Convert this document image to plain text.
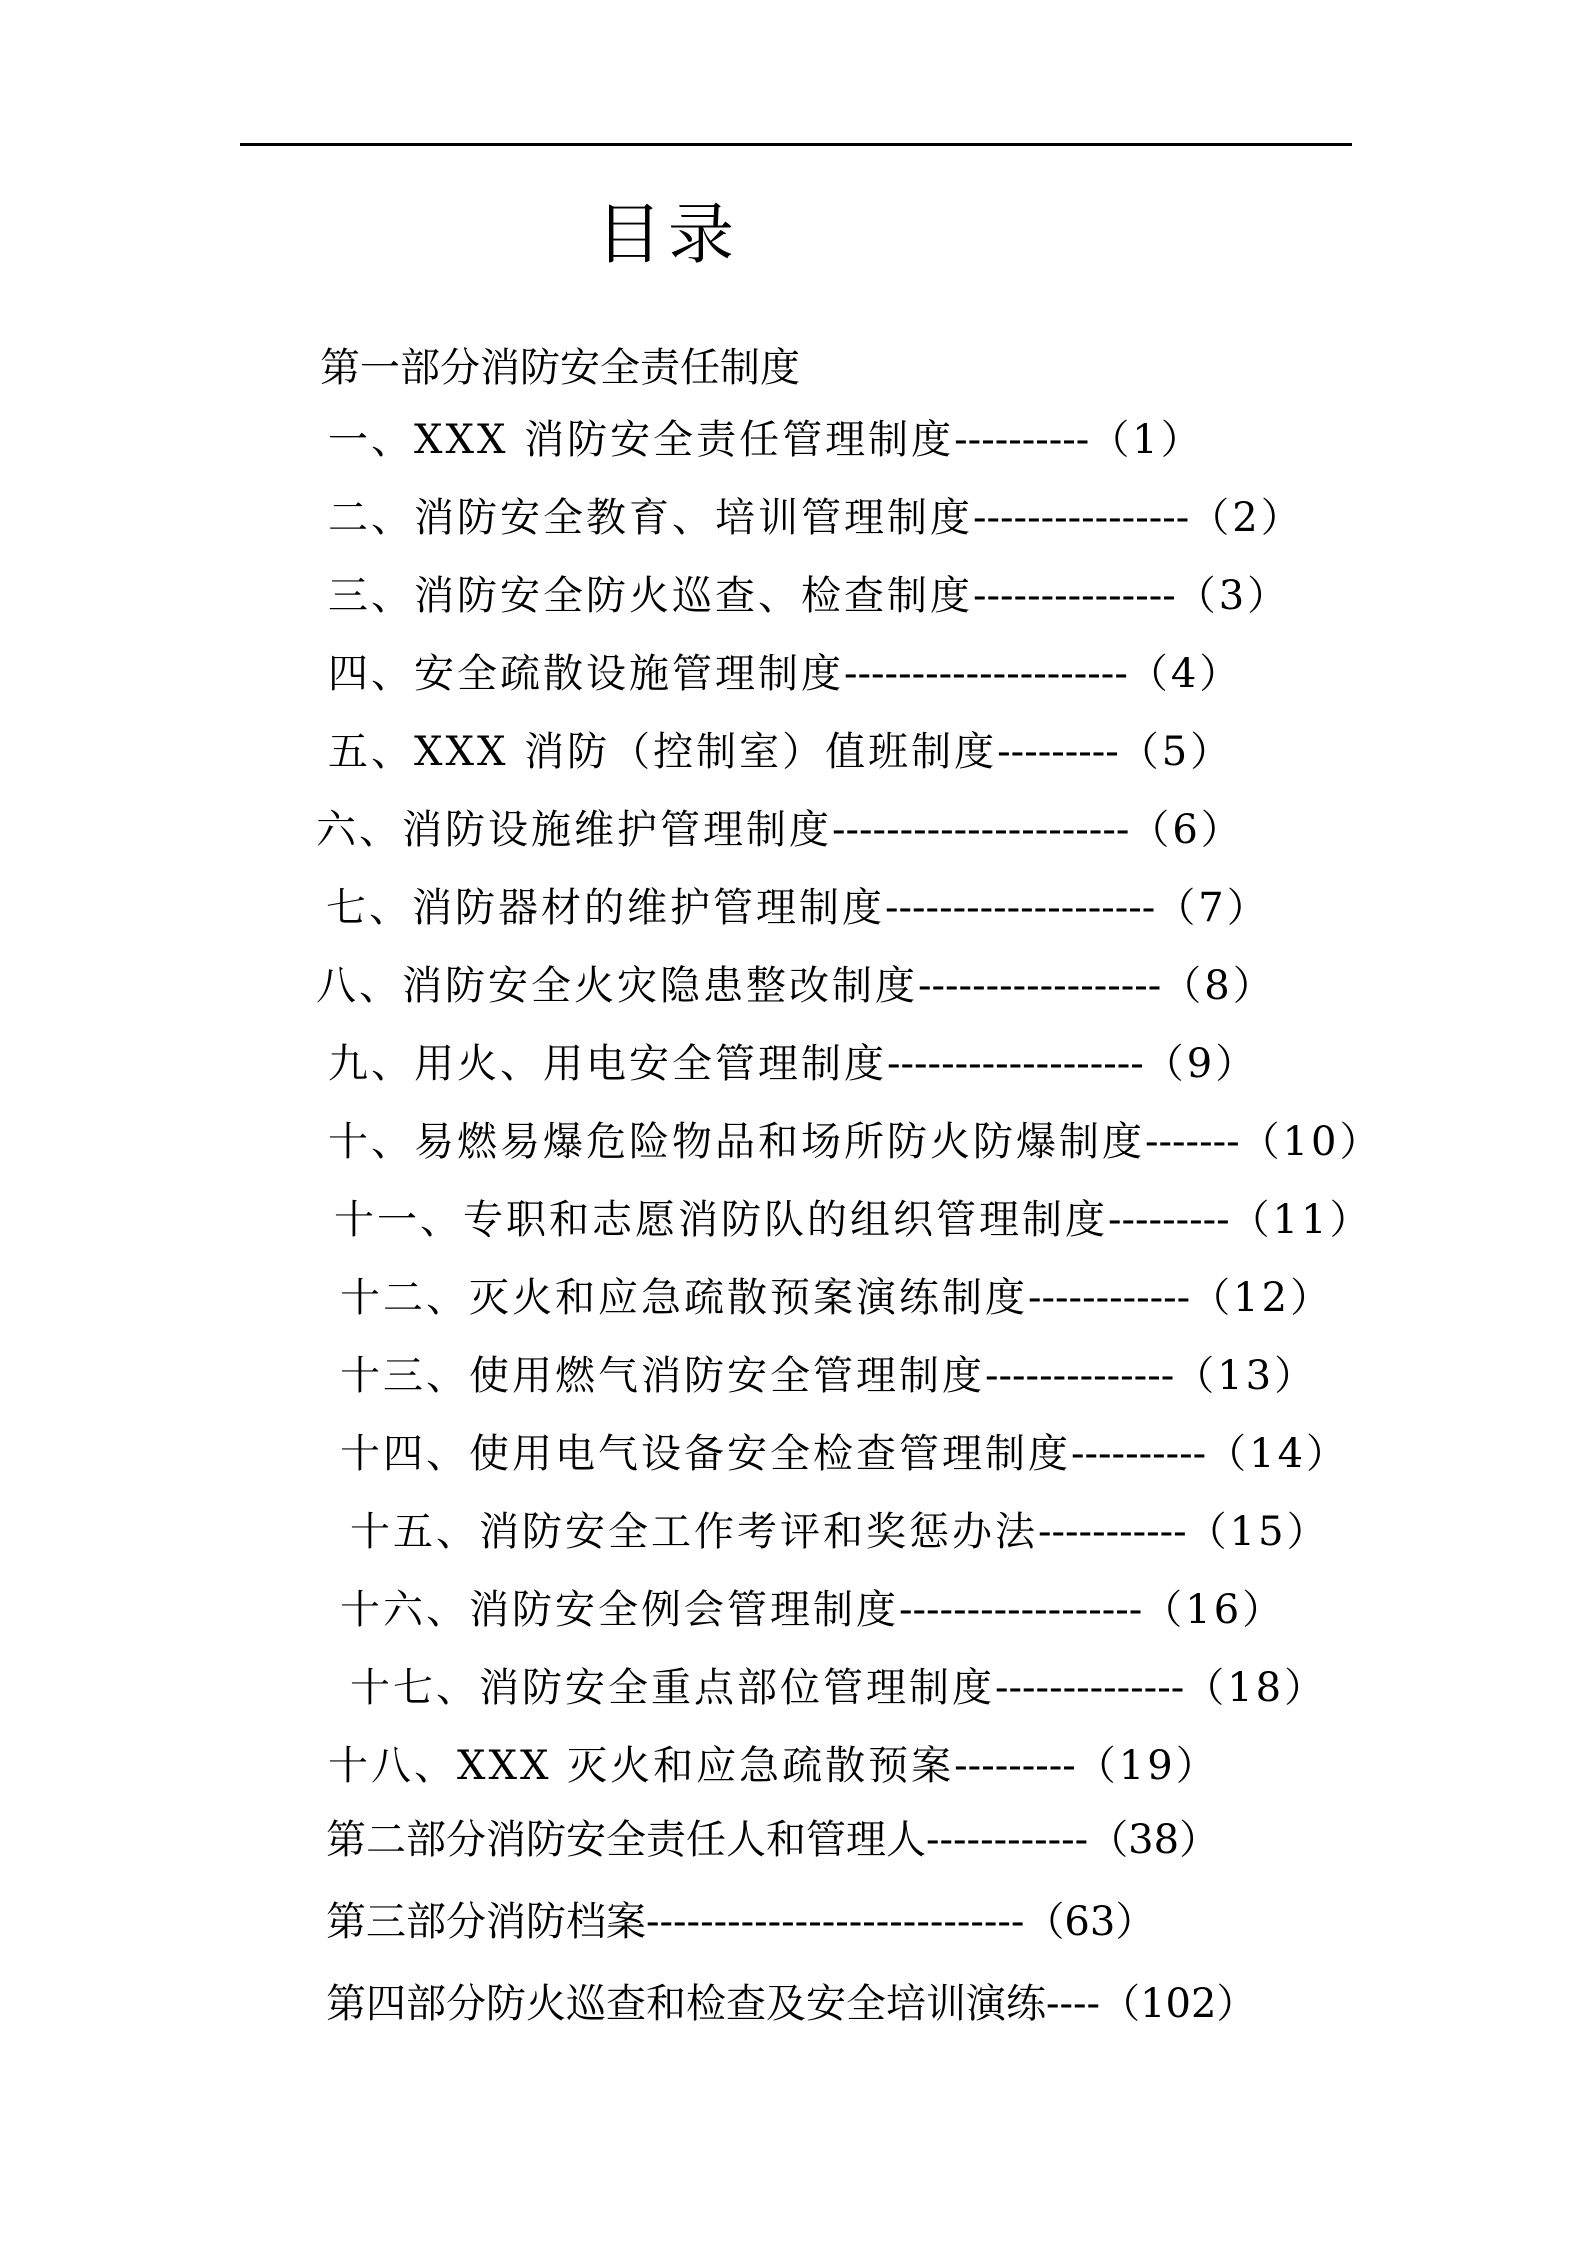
目录
第一部分消防安全责任制度
一、XXX 消防安全责任管理制度----------（1）
二、消防安全教育、培训管理制度----------------（2）
三、消防安全防火巡查、检查制度---------------（3）
四、安全疏散设施管理制度---------------------（4）
五、XXX 消防（控制室）值班制度---------（5）
六、消防设施维护管理制度----------------------（6）
七、消防器材的维护管理制度--------------------（7）
八、消防安全火灾隐患整改制度------------------（8）
九、用火、用电安全管理制度-------------------（9）
十、易燃易爆危险物品和场所防火防爆制度-------（10）
十一、专职和志愿消防队的组织管理制度---------（11）
十二、灭火和应急疏散预案演练制度------------（12）
十三、使用燃气消防安全管理制度--------------（13）
十四、使用电气设备安全检查管理制度----------（14）
十五、消防安全工作考评和奖惩办法-----------（15）
十六、消防安全例会管理制度------------------（16）
十七、消防安全重点部位管理制度--------------（18）
十八、XXX 灭火和应急疏散预案---------（19）
第二部分消防安全责任人和管理人------------（38）
第三部分消防档案----------------------------（63）
第四部分防火巡查和检查及安全培训演练----（102）
